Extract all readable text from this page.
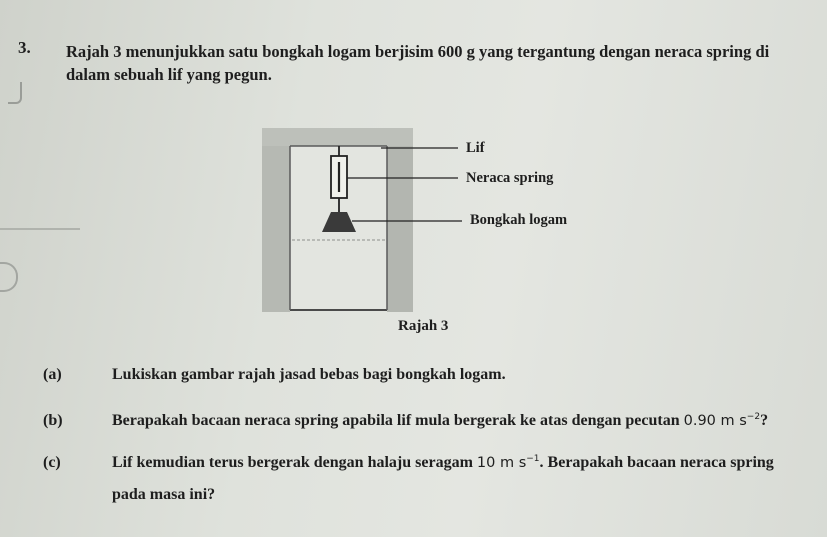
3. Rajah 3 menunjukkan satu bongkah logam berjisim 600 g yang tergantung dengan neraca spring di
dalam sebuah lif yang pegun.
Lif
Neraca spring
Bongkah logam
Rajah 3
(a)	Lukiskan gambar rajah jasad bebas bagi bongkah logam.
(b)	Berapakah bacaan neraca spring apabila lif mula bergerak ke atas dengan pecutan 0.90 m $s^{-2}$?
(c)	Lif kemudian terus bergerak dengan halaju seragam 10 m $s^{-1}$. Berapakah bacaan neraca spring
pada masa ini?
